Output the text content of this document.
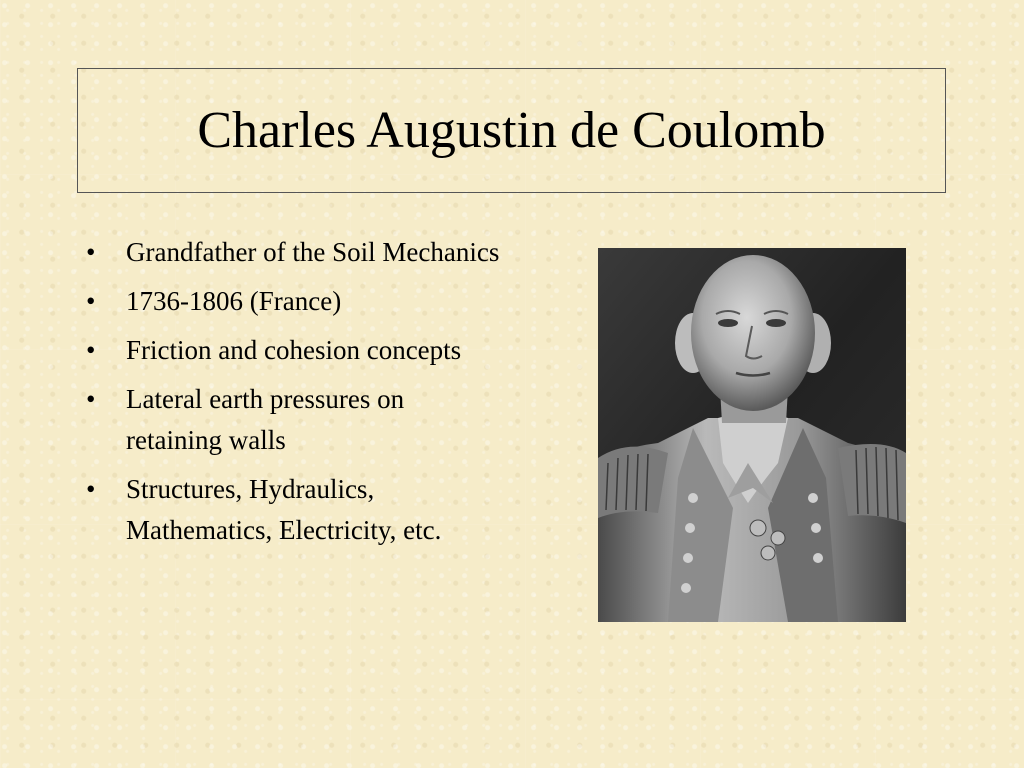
Charles Augustin de Coulomb
• Grandfather of the Soil Mechanics
• 1736-1806 (France)
• Friction and cohesion concepts
• Lateral earth pressures on retaining walls
• Structures, Hydraulics, Mathematics, Electricity, etc.
